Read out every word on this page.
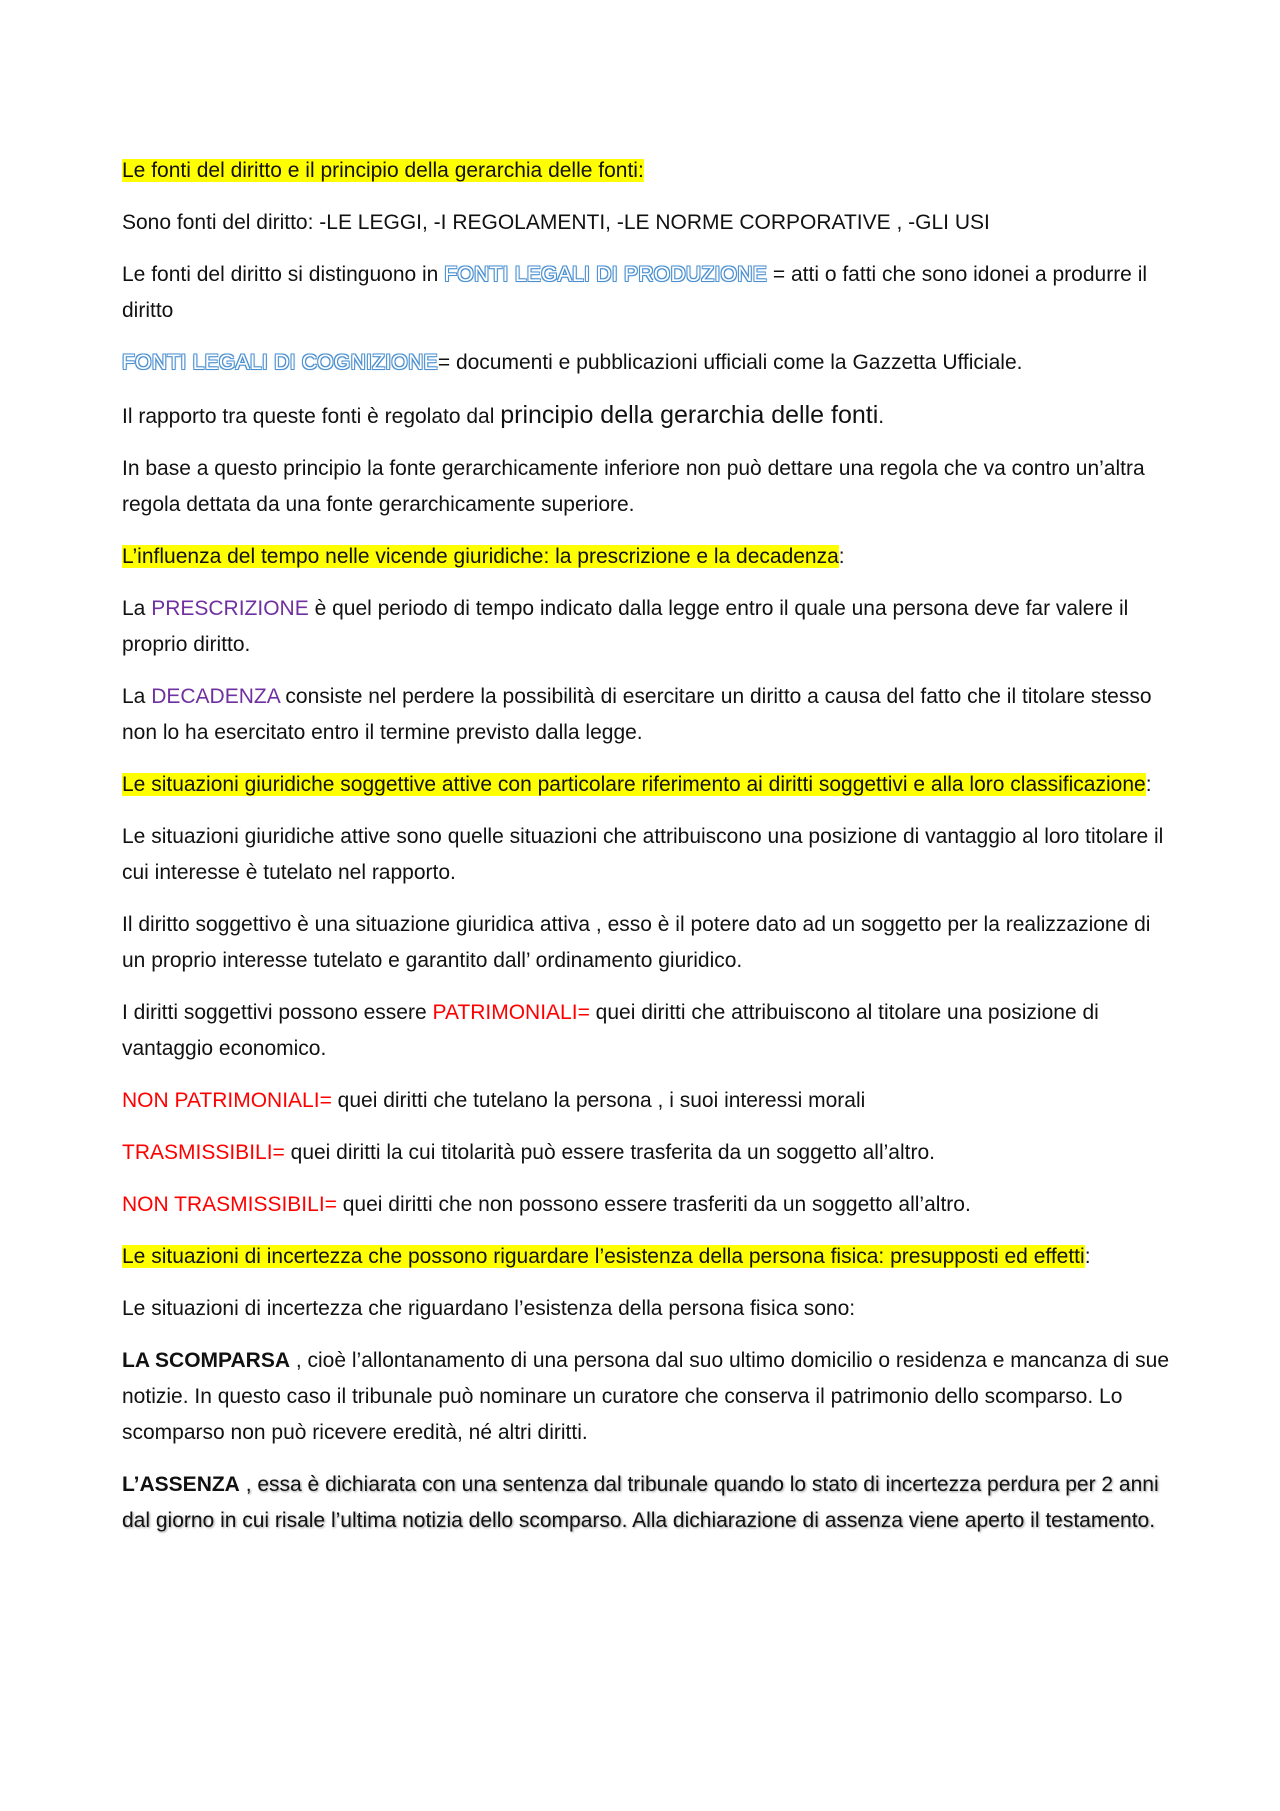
Le fonti del diritto e il principio della gerarchia delle fonti:

Sono fonti del diritto: -LE LEGGI, -I REGOLAMENTI, -LE NORME CORPORATIVE , -GLI USI

Le fonti del diritto si distinguono in FONTI LEGALI DI PRODUZIONE = atti o fatti che sono idonei a produrre il diritto

FONTI LEGALI DI COGNIZIONE= documenti e pubblicazioni ufficiali come la Gazzetta Ufficiale.

Il rapporto tra queste fonti è regolato dal principio della gerarchia delle fonti.

In base a questo principio la fonte gerarchicamente inferiore non può dettare una regola che va contro un’altra regola dettata da una fonte gerarchicamente superiore.

L’influenza del tempo nelle vicende giuridiche: la prescrizione e la decadenza:

La PRESCRIZIONE è quel periodo di tempo indicato dalla legge entro il quale una persona deve far valere il proprio diritto.

La DECADENZA consiste nel perdere la possibilità di esercitare un diritto a causa del fatto che il titolare stesso non lo ha esercitato entro il termine previsto dalla legge.

Le situazioni giuridiche soggettive attive con particolare riferimento ai diritti soggettivi e alla loro classificazione:

Le situazioni giuridiche attive sono quelle situazioni che attribuiscono una posizione di vantaggio al loro titolare il cui interesse è tutelato nel rapporto.

Il diritto soggettivo è una situazione giuridica attiva , esso è il potere dato ad un soggetto per la realizzazione di un proprio interesse tutelato e garantito dall’ ordinamento giuridico.

I diritti soggettivi possono essere PATRIMONIALI= quei diritti che attribuiscono al titolare una posizione di vantaggio economico.

NON PATRIMONIALI= quei diritti che tutelano la persona , i suoi interessi morali

TRASMISSIBILI= quei diritti la cui titolarità può essere trasferita da un soggetto all’altro.

NON TRASMISSIBILI= quei diritti che non possono essere trasferiti da un soggetto all’altro.

Le situazioni di incertezza che possono riguardare l’esistenza della persona fisica: presupposti ed effetti:

Le situazioni di incertezza che riguardano l’esistenza della persona fisica sono:

LA SCOMPARSA , cioè l’allontanamento di una persona dal suo ultimo domicilio o residenza e mancanza di sue notizie. In questo caso il tribunale può nominare un curatore che conserva il patrimonio dello scomparso. Lo scomparso non può ricevere eredità, né altri diritti.

L’ASSENZA , essa è dichiarata con una sentenza dal tribunale quando lo stato di incertezza perdura per 2 anni dal giorno in cui risale l’ultima notizia dello scomparso. Alla dichiarazione di assenza viene aperto il testamento.
